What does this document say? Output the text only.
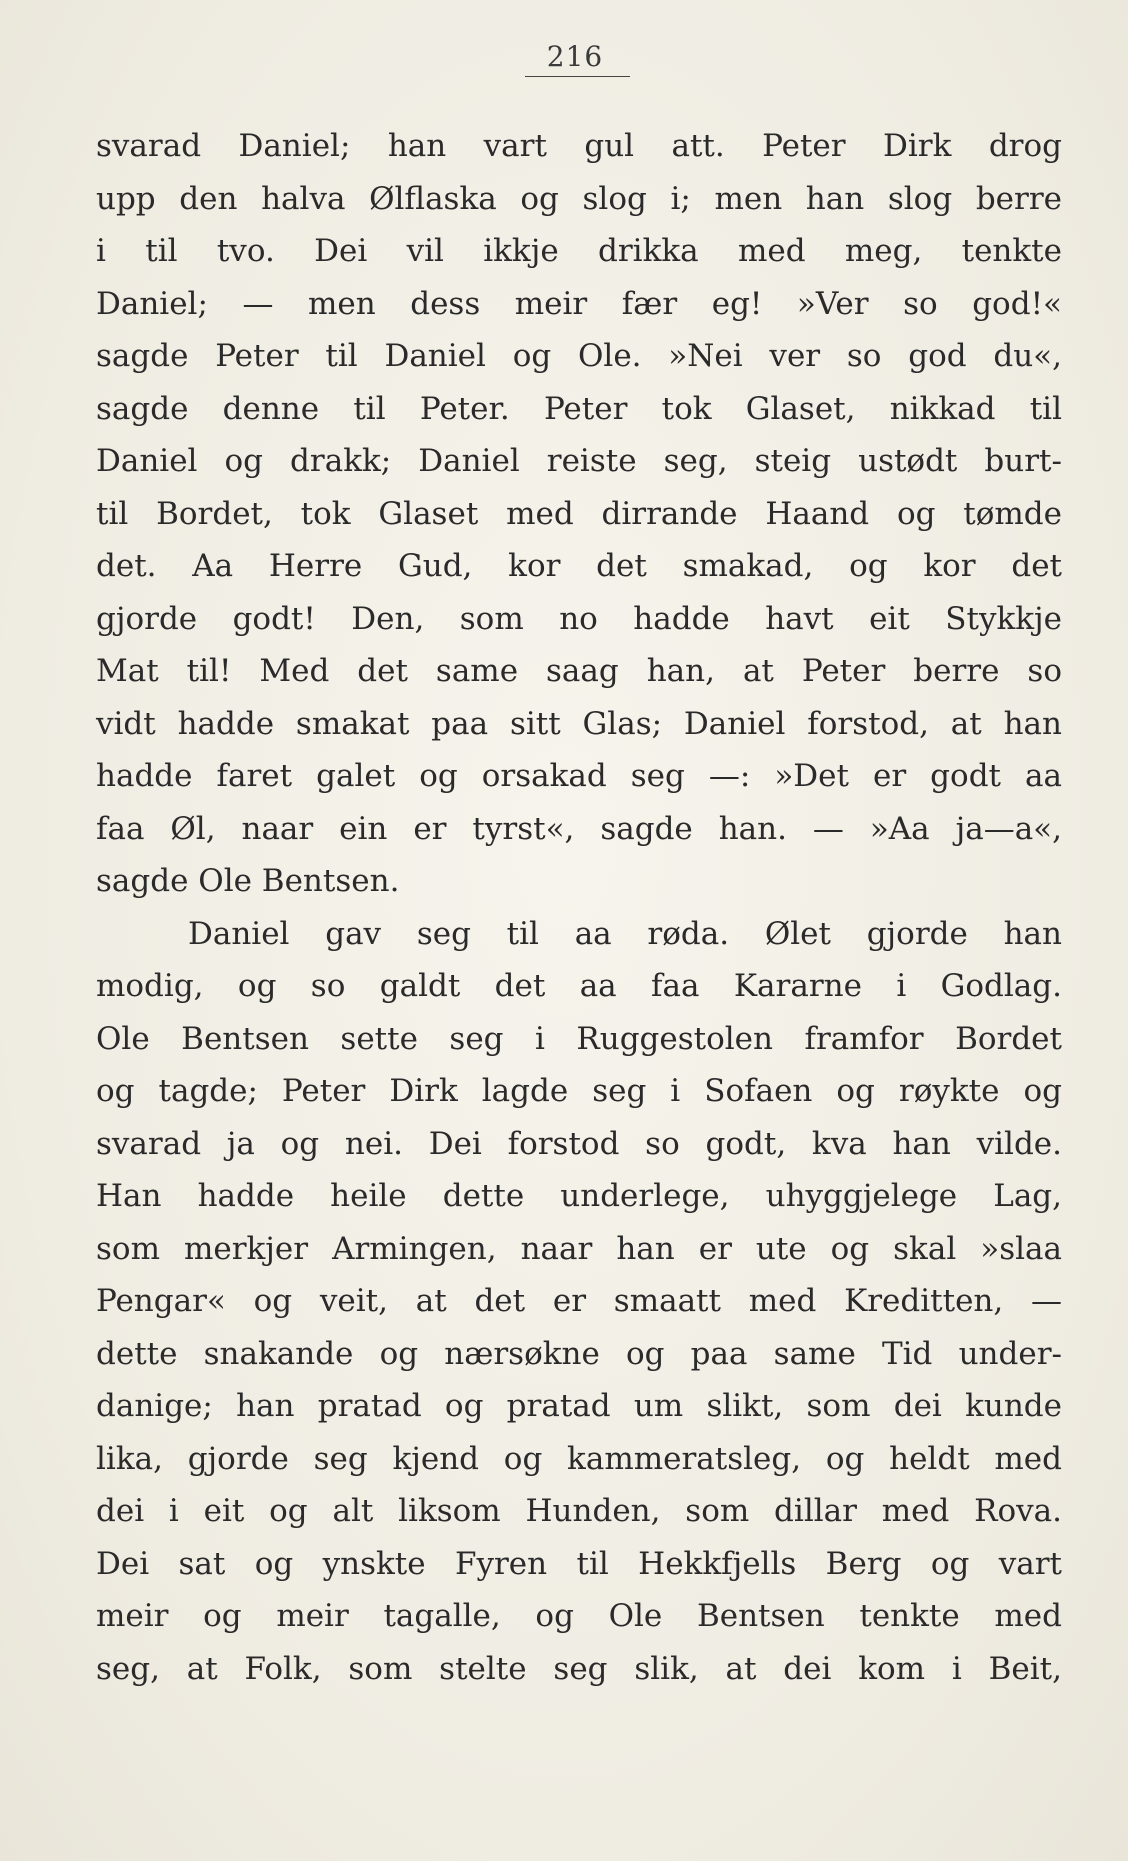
216
svarad Daniel; han vart gul att. Peter Dirk drog
upp den halva Ølflaska og slog i; men han slog berre
i til tvo. Dei vil ikkje drikka med meg, tenkte
Daniel; — men dess meir fær eg! »Ver so god!«
sagde Peter til Daniel og Ole. »Nei ver so god du«,
sagde denne til Peter. Peter tok Glaset, nikkad til
Daniel og drakk; Daniel reiste seg, steig ustødt burt-
til Bordet, tok Glaset med dirrande Haand og tømde
det. Aa Herre Gud, kor det smakad, og kor det
gjorde godt! Den, som no hadde havt eit Stykkje
Mat til! Med det same saag han, at Peter berre so
vidt hadde smakat paa sitt Glas; Daniel forstod, at han
hadde faret galet og orsakad seg —: »Det er godt aa
faa Øl, naar ein er tyrst«, sagde han. — »Aa ja—a«,
sagde Ole Bentsen.
Daniel gav seg til aa røda. Ølet gjorde han
modig, og so galdt det aa faa Kararne i Godlag.
Ole Bentsen sette seg i Ruggestolen framfor Bordet
og tagde; Peter Dirk lagde seg i Sofaen og røykte og
svarad ja og nei. Dei forstod so godt, kva han vilde.
Han hadde heile dette underlege, uhyggjelege Lag,
som merkjer Armingen, naar han er ute og skal »slaa
Pengar« og veit, at det er smaatt med Kreditten, —
dette snakande og nærsøkne og paa same Tid under-
danige; han pratad og pratad um slikt, som dei kunde
lika, gjorde seg kjend og kammeratsleg, og heldt med
dei i eit og alt liksom Hunden, som dillar med Rova.
Dei sat og ynskte Fyren til Hekkfjells Berg og vart
meir og meir tagalle, og Ole Bentsen tenkte med
seg, at Folk, som stelte seg slik, at dei kom i Beit,
